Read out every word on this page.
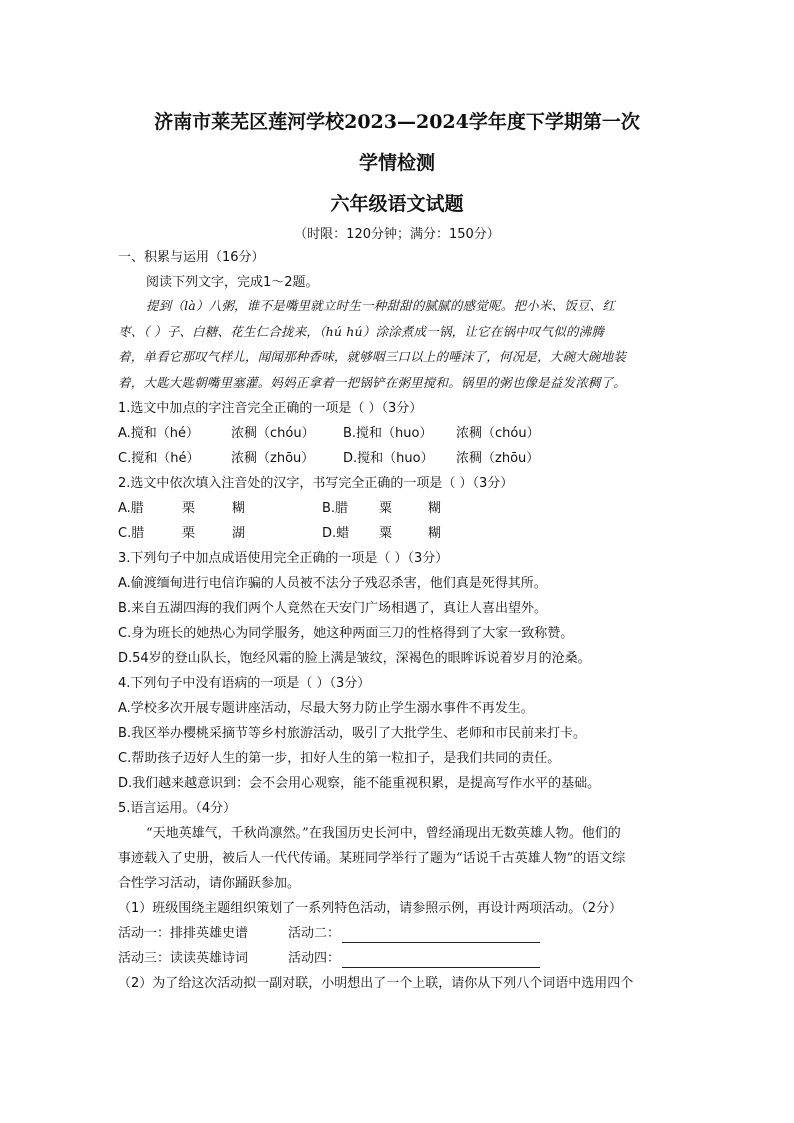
济南市莱芜区莲河学校2023—2024学年度下学期第一次
学情检测
六年级语文试题
（时限：120分钟；满分：150分）
一、积累与运用（16分）
阅读下列文字，完成1～2题。
提到（là）八粥，谁不是嘴里就立时生一种甜甜的腻腻的感觉呢。把小米、饭豆、红
枣、（ ）子、白糖、花生仁合拢来，（hú hú）涂涂煮成一锅，让它在锅中叹气似的沸腾
着，单看它那叹气样儿，闻闻那种香味，就够咽三口以上的唾沫了，何况是，大碗大碗地装
着，大匙大匙朝嘴里塞灌。妈妈正拿着一把锅铲在粥里搅和。锅里的粥也像是益发浓稠了。
1.选文中加点的字注音完全正确的一项是（ ）（3分）
A.搅和（hé） 浓稠（chóu） B.搅和（huo） 浓稠（chóu）
C.搅和（hé） 浓稠（zhōu） D.搅和（huo） 浓稠（zhōu）
2.选文中依次填入注音处的汉字，书写完全正确的一项是（ ）（3分）
A.腊	栗	糊	B.腊 粟	糊
C.腊	栗	湖	D.蜡 粟	糊
3.下列句子中加点成语使用完全正确的一项是（ ）（3分）
A.偷渡缅甸进行电信诈骗的人员被不法分子残忍杀害，他们真是死得其所。
B.来自五湖四海的我们两个人竟然在天安门广场相遇了，真让人喜出望外。
C.身为班长的她热心为同学服务，她这种两面三刀的性格得到了大家一致称赞。
D.54岁的登山队长，饱经风霜的脸上满是皱纹，深褐色的眼眸诉说着岁月的沧桑。
4.下列句子中没有语病的一项是（ ）（3分）
A.学校多次开展专题讲座活动，尽最大努力防止学生溺水事件不再发生。
B.我区举办樱桃采摘节等乡村旅游活动，吸引了大批学生、老师和市民前来打卡。
C.帮助孩子迈好人生的第一步，扣好人生的第一粒扣子，是我们共同的责任。
D.我们越来越意识到：会不会用心观察，能不能重视积累，是提高写作水平的基础。
5.语言运用。（4分）
“天地英雄气，千秋尚凛然。”在我国历史长河中，曾经涌现出无数英雄人物。他们的
事迹载入了史册，被后人一代代传诵。某班同学举行了题为“话说千古英雄人物”的语文综
合性学习活动，请你踊跃参加。
（1）班级围绕主题组织策划了一系列特色活动，请参照示例，再设计两项活动。（2分）
活动一：排排英雄史谱	活动二：
活动三：读读英雄诗词	活动四：
（2）为了给这次活动拟一副对联，小明想出了一个上联，请你从下列八个词语中选用四个
